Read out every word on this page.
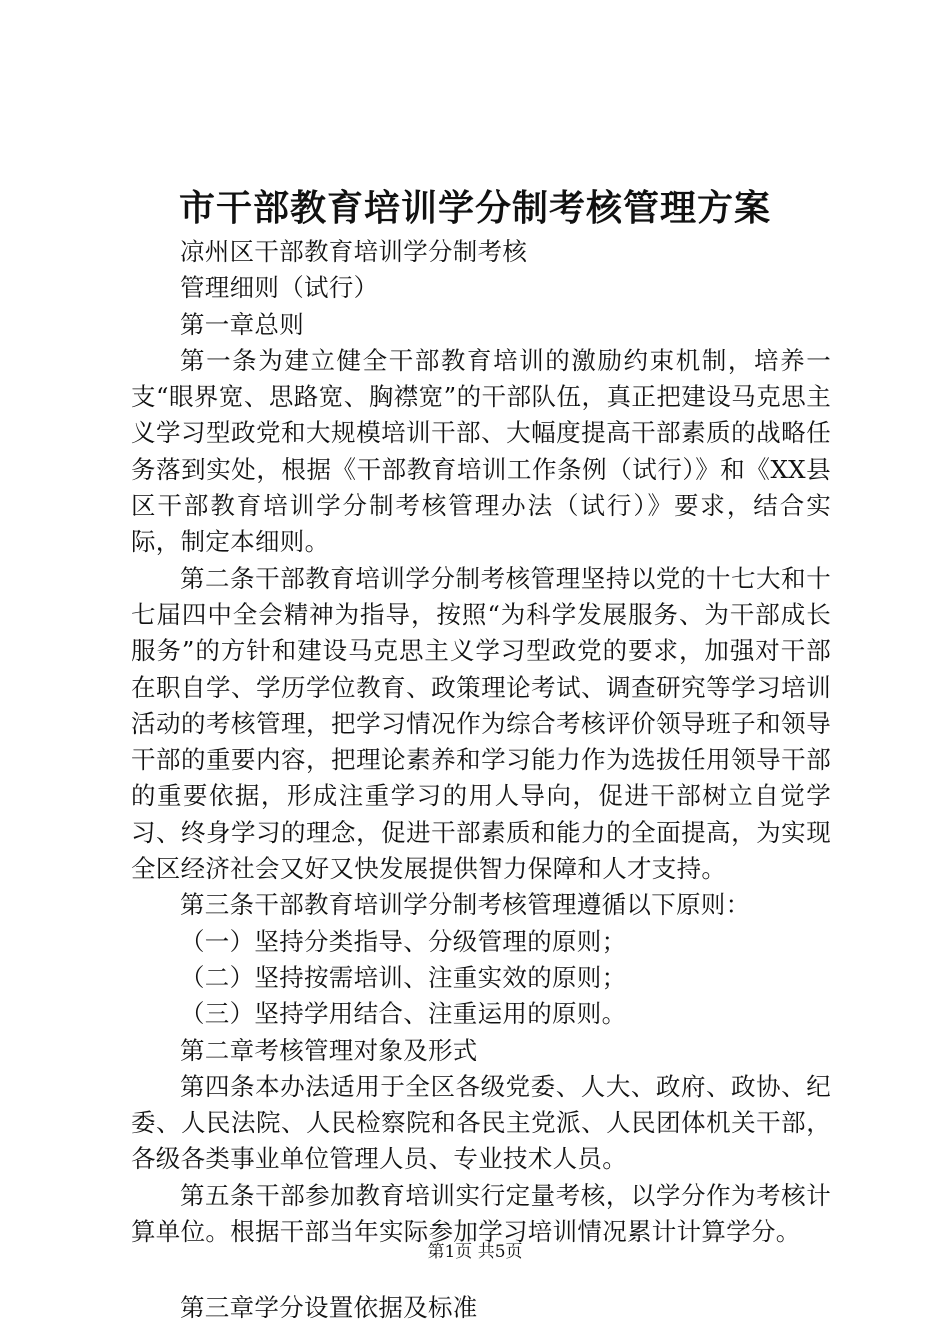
市干部教育培训学分制考核管理方案

凉州区干部教育培训学分制考核

管理细则（试行）

第一章总则

第一条为建立健全干部教育培训的激励约束机制，培养一支“眼界宽、思路宽、胸襟宽”的干部队伍，真正把建设马克思主义学习型政党和大规模培训干部、大幅度提高干部素质的战略任务落到实处，根据《干部教育培训工作条例（试行）》和《XX县区干部教育培训学分制考核管理办法（试行）》要求，结合实际，制定本细则。

第二条干部教育培训学分制考核管理坚持以党的十七大和十七届四中全会精神为指导，按照“为科学发展服务、为干部成长服务”的方针和建设马克思主义学习型政党的要求，加强对干部在职自学、学历学位教育、政策理论考试、调查研究等学习培训活动的考核管理，把学习情况作为综合考核评价领导班子和领导干部的重要内容，把理论素养和学习能力作为选拔任用领导干部的重要依据，形成注重学习的用人导向，促进干部树立自觉学习、终身学习的理念，促进干部素质和能力的全面提高，为实现全区经济社会又好又快发展提供智力保障和人才支持。

第三条干部教育培训学分制考核管理遵循以下原则：

（一）坚持分类指导、分级管理的原则；

（二）坚持按需培训、注重实效的原则；

（三）坚持学用结合、注重运用的原则。

第二章考核管理对象及形式

第四条本办法适用于全区各级党委、人大、政府、政协、纪委、人民法院、人民检察院和各民主党派、人民团体机关干部，各级各类事业单位管理人员、专业技术人员。

第五条干部参加教育培训实行定量考核，以学分作为考核计算单位。根据干部当年实际参加学习培训情况累计计算学分。

第三章学分设置依据及标准

第1页 共5页
